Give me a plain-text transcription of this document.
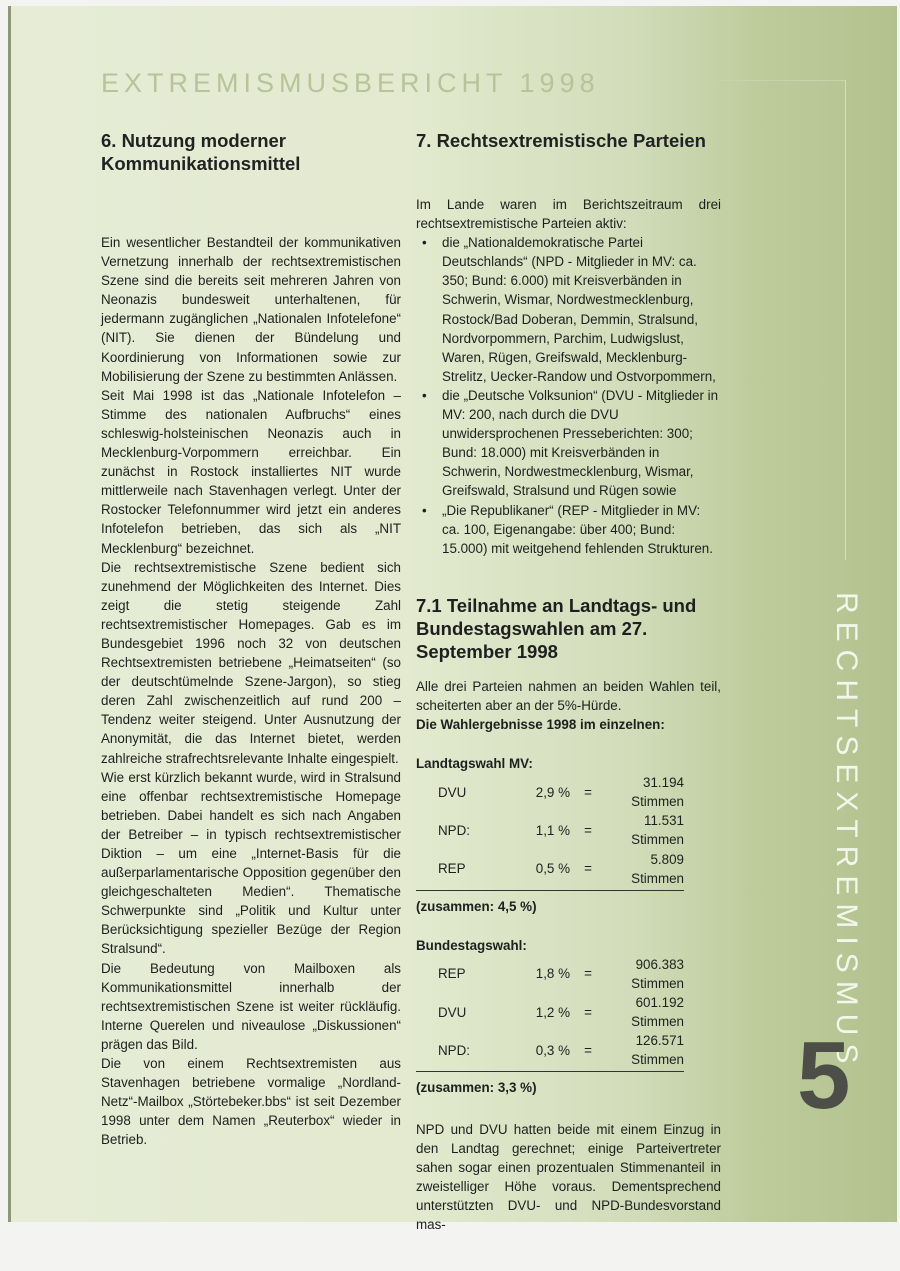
EXTREMISMUSBERICHT 1998
6. Nutzung moderner Kommunikationsmittel

Ein wesentlicher Bestandteil der kommunikativen Vernetzung innerhalb der rechtsextremistischen Szene sind die bereits seit mehreren Jahren von Neonazis bundesweit unterhaltenen, für jedermann zugänglichen „Nationalen Infotelefone“ (NIT). Sie dienen der Bündelung und Koordinierung von Informationen sowie zur Mobilisierung der Szene zu bestimmten Anlässen.

Seit Mai 1998 ist das „Nationale Infotelefon – Stimme des nationalen Aufbruchs“ eines schleswig-holsteinischen Neonazis auch in Mecklenburg-Vorpommern erreichbar. Ein zunächst in Rostock installiertes NIT wurde mittlerweile nach Stavenhagen verlegt. Unter der Rostocker Telefonnummer wird jetzt ein anderes Infotelefon betrieben, das sich als „NIT Mecklenburg“ bezeichnet.

Die rechtsextremistische Szene bedient sich zunehmend der Möglichkeiten des Internet. Dies zeigt die stetig steigende Zahl rechtsextremistischer Homepages. Gab es im Bundesgebiet 1996 noch 32 von deutschen Rechtsextremisten betriebene „Heimatseiten“ (so der deutschtümelnde Szene-Jargon), so stieg deren Zahl zwischenzeitlich auf rund 200 – Tendenz weiter steigend. Unter Ausnutzung der Anonymität, die das Internet bietet, werden zahlreiche strafrechtsrelevante Inhalte eingespielt.

Wie erst kürzlich bekannt wurde, wird in Stralsund eine offenbar rechtsextremistische Homepage betrieben. Dabei handelt es sich nach Angaben der Betreiber – in typisch rechtsextremistischer Diktion – um eine „Internet-Basis für die außerparlamentarische Opposition gegenüber den gleichgeschalteten Medien“. Thematische Schwerpunkte sind „Politik und Kultur unter Berücksichtigung spezieller Bezüge der Region Stralsund“.

Die Bedeutung von Mailboxen als Kommunikationsmittel innerhalb der rechtsextremistischen Szene ist weiter rückläufig. Interne Querelen und niveaulose „Diskussionen“ prägen das Bild.

Die von einem Rechtsextremisten aus Stavenhagen betriebene vormalige „Nordland-Netz“-Mailbox „Störtebeker.bbs“ ist seit Dezember 1998 unter dem Namen „Reuterbox“ wieder in Betrieb.

7. Rechtsextremistische Parteien

Im Lande waren im Berichtszeitraum drei rechtsextremistische Parteien aktiv:

• die „Nationaldemokratische Partei Deutschlands“ (NPD - Mitglieder in MV: ca. 350; Bund: 6.000) mit Kreisverbänden in Schwerin, Wismar, Nordwestmecklenburg, Rostock/Bad Doberan, Demmin, Stralsund, Nordvorpommern, Parchim, Ludwigslust, Waren, Rügen, Greifswald, Mecklenburg-Strelitz, Uecker-Randow und Ostvorpommern,
• die „Deutsche Volksunion“ (DVU - Mitglieder in MV: 200, nach durch die DVU unwidersprochenen Presseberichten: 300; Bund: 18.000) mit Kreisverbänden in Schwerin, Nordwestmecklenburg, Wismar, Greifswald, Stralsund und Rügen sowie
• „Die Republikaner“ (REP - Mitglieder in MV: ca. 100, Eigenangabe: über 400; Bund: 15.000) mit weitgehend fehlenden Strukturen.
7.1 Teilnahme an Landtags- und Bundestagswahlen am 27. September 1998

Alle drei Parteien nahmen an beiden Wahlen teil, scheiterten aber an der 5%-Hürde.

Die Wahlergebnisse 1998 im einzelnen:
Landtagswahl MV:
DVU	2,9 %	=	31.194 Stimmen
NPD:	1,1 %	=	11.531 Stimmen
REP	0,5 %	=	5.809 Stimmen
(zusammen: 4,5 %)
Bundestagswahl:
REP	1,8 %	=	906.383 Stimmen
DVU	1,2 %	=	601.192 Stimmen
NPD:	0,3 %	=	126.571 Stimmen
(zusammen: 3,3 %)

NPD und DVU hatten beide mit einem Einzug in den Landtag gerechnet; einige Parteivertreter sahen sogar einen prozentualen Stimmenanteil in zweistelliger Höhe voraus. Dementsprechend unterstützten DVU- und NPD-Bundesvorstand mas-

RECHTSEXTREMISMUS
5
